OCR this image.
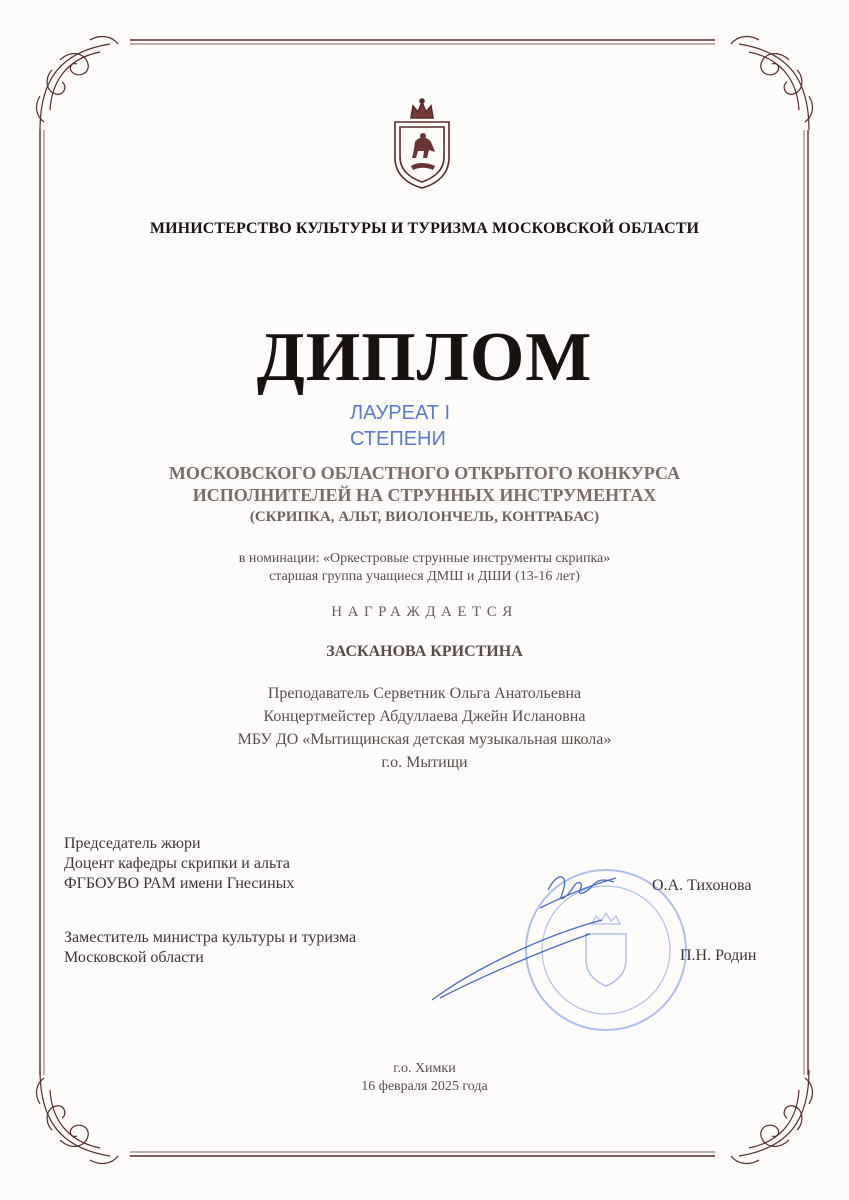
МИНИСТЕРСТВО КУЛЬТУРЫ И ТУРИЗМА МОСКОВСКОЙ ОБЛАСТИ
ДИПЛОМ
ЛАУРЕАТ I
СТЕПЕНИ
МОСКОВСКОГО ОБЛАСТНОГО ОТКРЫТОГО КОНКУРСА
ИСПОЛНИТЕЛЕЙ НА СТРУННЫХ ИНСТРУМЕНТАХ
(СКРИПКА, АЛЬТ, ВИОЛОНЧЕЛЬ, КОНТРАБАС)
в номинации: «Оркестровые струнные инструменты скрипка»
старшая группа учащиеся ДМШ и ДШИ (13-16 лет)
НАГРАЖДАЕТСЯ
ЗАСКАНОВА КРИСТИНА
Преподаватель Серветник Ольга Анатольевна
Концертмейстер Абдуллаева Джейн Ислановна
МБУ ДО «Мытищинская детская музыкальная школа»
г.о. Мытищи
Председатель жюри
Доцент кафедры скрипки и альта
ФГБОУВО РАМ имени Гнесиных	О.А. Тихонова
Заместитель министра культуры и туризма
Московской области	П.Н. Родин
г.о. Химки
16 февраля 2025 года
